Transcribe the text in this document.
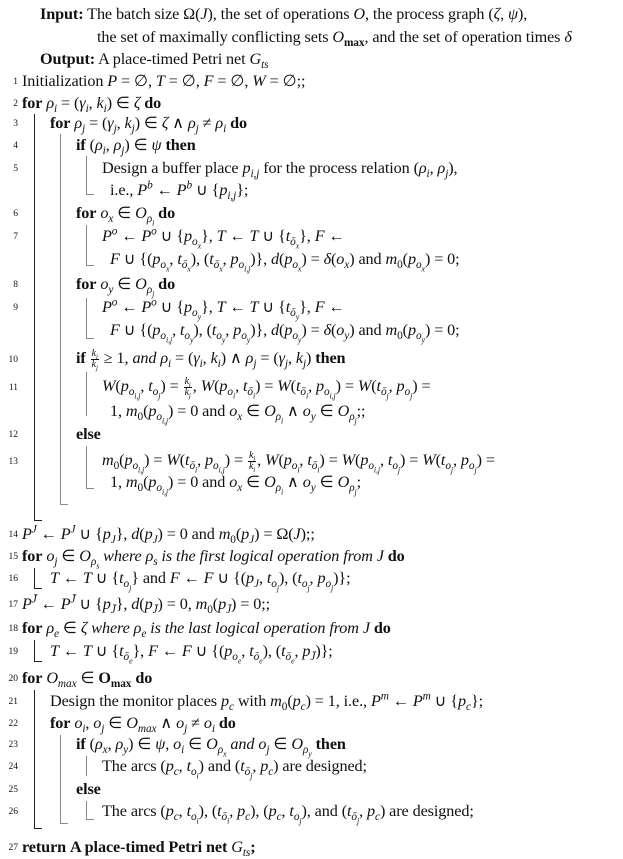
Input: The batch size Ω(J), the set of operations O, the process graph (ζ, ψ),
the set of maximally conflicting sets $O_{max}$, and the set of operation times δ
Output: A place-timed Petri net $G_{ts}$
1 Initialization P = ∅, T = ∅, F = ∅, W = ∅;;
2 for $\rho_i = (\gamma_i$, $k_i$) ∈ ζ do
3 for $\rho_j = (\gamma_j$, $k_j$) ∈ ζ ∧ $\rho_j \ne \rho_i$ do
4	if ($\rho_i$, $\rho_j$) ∈ ψ then
5	Design a buffer place $p_{i,j}$ for the process relation ($\rho_i$, $\rho_j$),
i.e., $P^b$ ← $P^b$ ∪ $\{p_{i,j}\}$;
6	for $o_x$ ∈ $O_{\rho_i}$ do
7	$P^o$ ← $P^o$ ∪ $\{p_{o_x}\}$, T ← T ∪ $\{t_{ō_x}\}$, F ←
F ∪ {($p_{o_x}$, $t_{ō_x}$), ($t_{ō_x}$, $p_{o_{i,j}}$)}, $d(p_{o_x}) = \delta(o_x)$ and $m_0(p_{o_x}) = 0$;
8	for $o_y$ ∈ $O_{\rho_j}$ do
9	$P^o$ ← $P^o$ ∪ $\{p_{o_y}\}$, T ← T ∪ $\{t_{ō_y}\}$, F ←
F ∪ {($p_{o_{i,j}}$, $t_{o_y}$), ($t_{o_y}$, $p_{o_y}$)}, $d(p_{o_y}) = \delta(o_y)$ and $m_0(p_{o_y}) = 0$;
10	if $\frac{k_i}{k_j} \ge 1$, and $\rho_i = (\gamma_i$, $k_i$) ∧ $\rho_j = (\gamma_j$, $k_j$) then
11	$W(p_{o_{i,j}}$, $t_{o_j}) = \frac{k_i}{k_j}$ , $W(p_{o_i}$, $t_{ō_i}) = W(t_{ō_i}$, $p_{o_{i,j}}) = W(t_{ō_j}$, $p_{o_j}$) =
1, $m_0(p_{o_{i,j}}) = 0$ and $o_x$ ∈ $O_{\rho_i}$ ∧ $o_y$ ∈ $O_{\rho_j}$;;
12	else
13	$m_0(p_{o_{i,j}}) = W(t_{ō_i}$, $p_{o_{i,j}}) = \frac{k_j}{k_i}$ , $W(p_{o_i}$, $t_{ō_i}) = W(p_{o_{i,j}}$, $t_{o_j}) = W(t_{o_j}$, $p_{o_j}$) =
1, $m_0(p_{o_{i,j}}) = 0$ and $o_x$ ∈ $O_{\rho_i}$ ∧ $o_y$ ∈ $O_{\rho_j}$;
14 $P^J$ ← $P^J$ ∪ $\{p_J\}$, $d(p_J) = 0$ and $m_0(p_J) = \Omega(J)$;;
15 for $o_j$ ∈ $O_{\rho_s}$ where $\rho_s$ is the first logical operation from J do
16 T ← T ∪ $\{t_{o_j}\}$ and F ← F ∪ {($p_J$, $t_{o_j}$), ($t_{o_j}$, $p_{o_j}$)};
17 $P^{J̄}$ ← $P^{J̄}$ ∪ $\{p_{J̄}\}$, $d(p_{J̄}) = 0$, $m_0(p_{J̄}) = 0$;;
18 for $\rho_e$ ∈ ζ where $\rho_e$ is the last logical operation from J do
19 T ← T ∪ $\{t_{ō_e}\}$, F ← F ∪ {($p_{o_e}$, $t_{ō_e}$), ($t_{ō_e}$, $p_{J̄}$)};
20 for $O_{max}$ ∈ $O_{max}$ do
21 Design the monitor places $p_c$ with $m_0(p_c) = 1$, i.e., $P^m$ ← $P^m$ ∪ $\{p_c\}$;
22 for $o_i$, $o_j$ ∈ $O_{max}$ ∧ $o_j \ne o_i$ do
23	if ($\rho_x$, $\rho_y$) ∈ ψ, $o_i$ ∈ $O_{\rho_x}$ and $o_j$ ∈ $O_{\rho_y}$ then
24	The arcs ($p_c$, $t_{o_i}$) and ($t_{ō_j}$, $p_c$) are designed;
25	else
26	The arcs ($p_c$, $t_{o_i}$), ($t_{ō_i}$, $p_c$), ($p_c$, $t_{o_j}$), and ($t_{ō_j}$, $p_c$) are designed;
27 return A place-timed Petri net $G_{ts}$;
